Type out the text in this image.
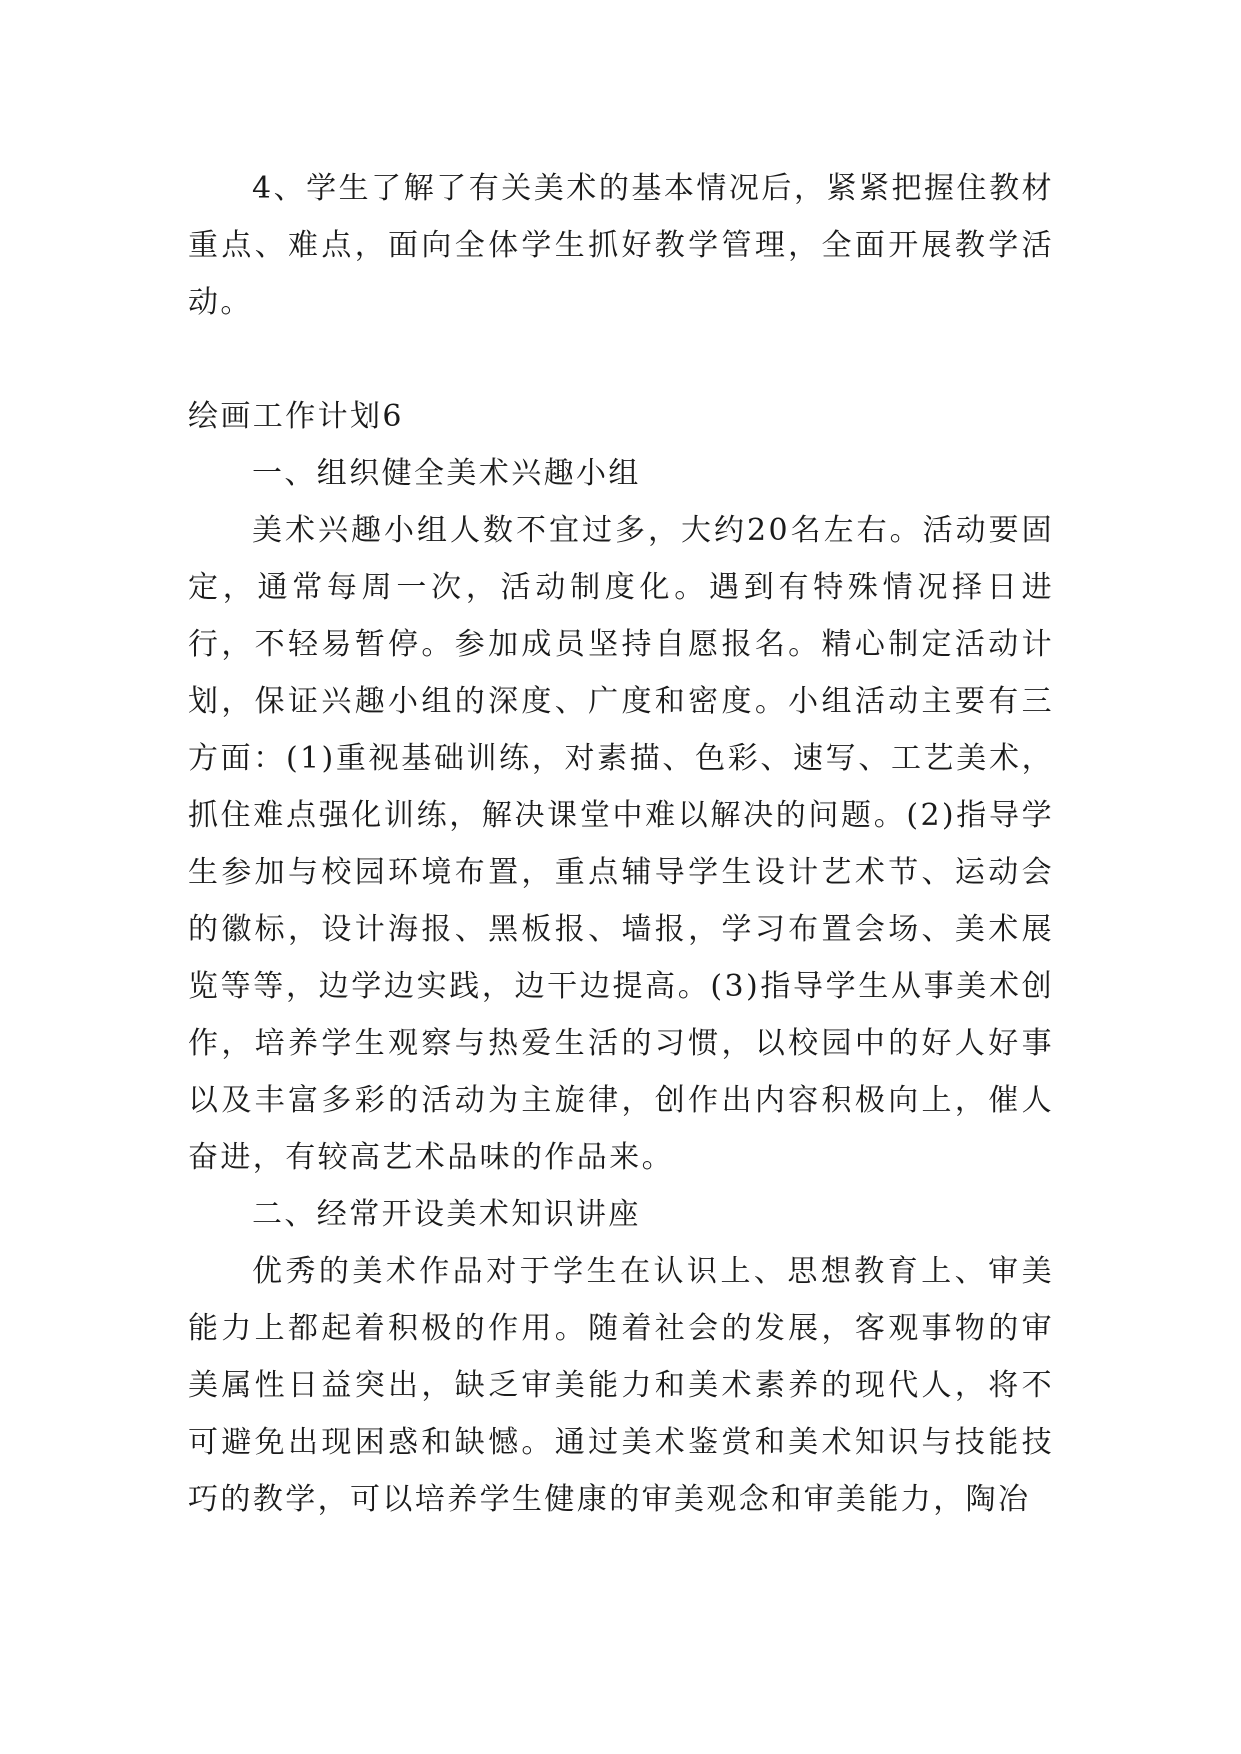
4、学生了解了有关美术的基本情况后，紧紧把握住教材重点、难点，面向全体学生抓好教学管理，全面开展教学活动。

绘画工作计划6

一、组织健全美术兴趣小组

美术兴趣小组人数不宜过多，大约20名左右。活动要固定，通常每周一次，活动制度化。遇到有特殊情况择日进行，不轻易暂停。参加成员坚持自愿报名。精心制定活动计划，保证兴趣小组的深度、广度和密度。小组活动主要有三方面：(1)重视基础训练，对素描、色彩、速写、工艺美术，抓住难点强化训练，解决课堂中难以解决的问题。(2)指导学生参加与校园环境布置，重点辅导学生设计艺术节、运动会的徽标，设计海报、黑板报、墙报，学习布置会场、美术展览等等，边学边实践，边干边提高。(3)指导学生从事美术创作，培养学生观察与热爱生活的习惯，以校园中的好人好事以及丰富多彩的活动为主旋律，创作出内容积极向上，催人奋进，有较高艺术品味的作品来。

二、经常开设美术知识讲座

优秀的美术作品对于学生在认识上、思想教育上、审美能力上都起着积极的作用。随着社会的发展，客观事物的审美属性日益突出，缺乏审美能力和美术素养的现代人，将不可避免出现困惑和缺憾。通过美术鉴赏和美术知识与技能技巧的教学，可以培养学生健康的审美观念和审美能力，陶冶
